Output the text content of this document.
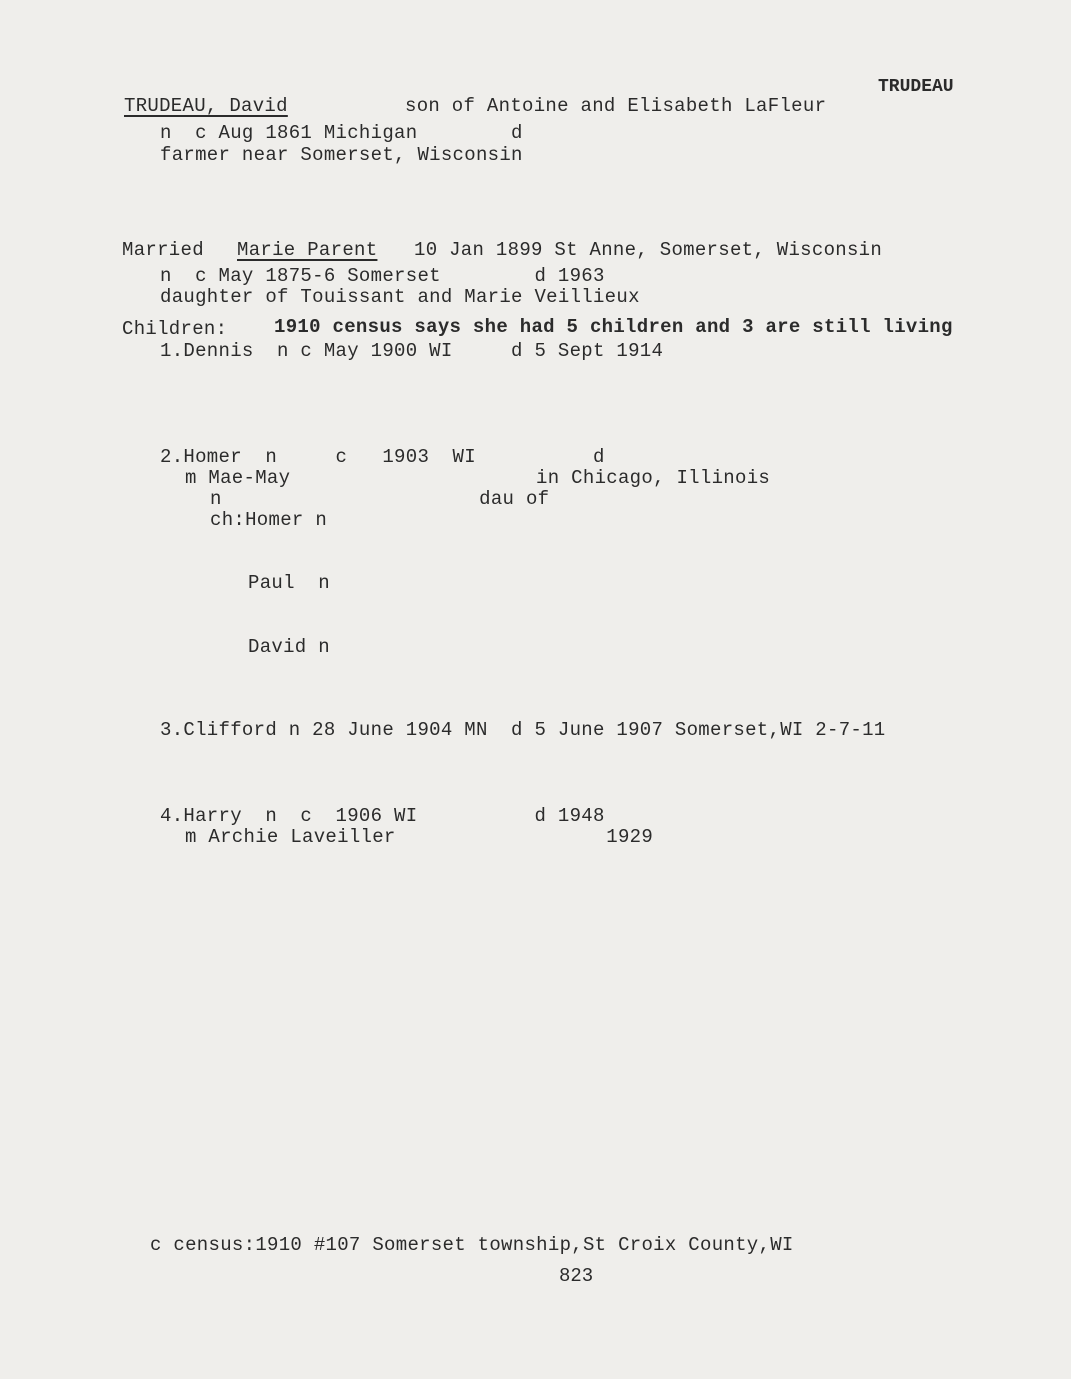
TRUDEAU
TRUDEAU, David	son of Antoine and Elisabeth LaFleur
n  c Aug 1861 Michigan        d
farmer near Somerset, Wisconsin
Married Marie Parent 10 Jan 1899 St Anne, Somerset, Wisconsin
n  c May 1875-6 Somerset        d 1963
daughter of Touissant and Marie Veillieux
Children: 1910 census says she had 5 children and 3 are still living
1.Dennis  n c May 1900 WI     d 5 Sept 1914
2.Homer  n     c   1903  WI          d
m Mae-May                     in Chicago, Illinois
n                      dau of
ch:Homer n
Paul  n
David n
3.Clifford n 28 June 1904 MN  d 5 June 1907 Somerset,WI 2-7-11
4.Harry  n  c  1906 WI          d 1948
m Archie Laveiller                  1929
c census:1910 #107 Somerset township,St Croix County,WI
823
